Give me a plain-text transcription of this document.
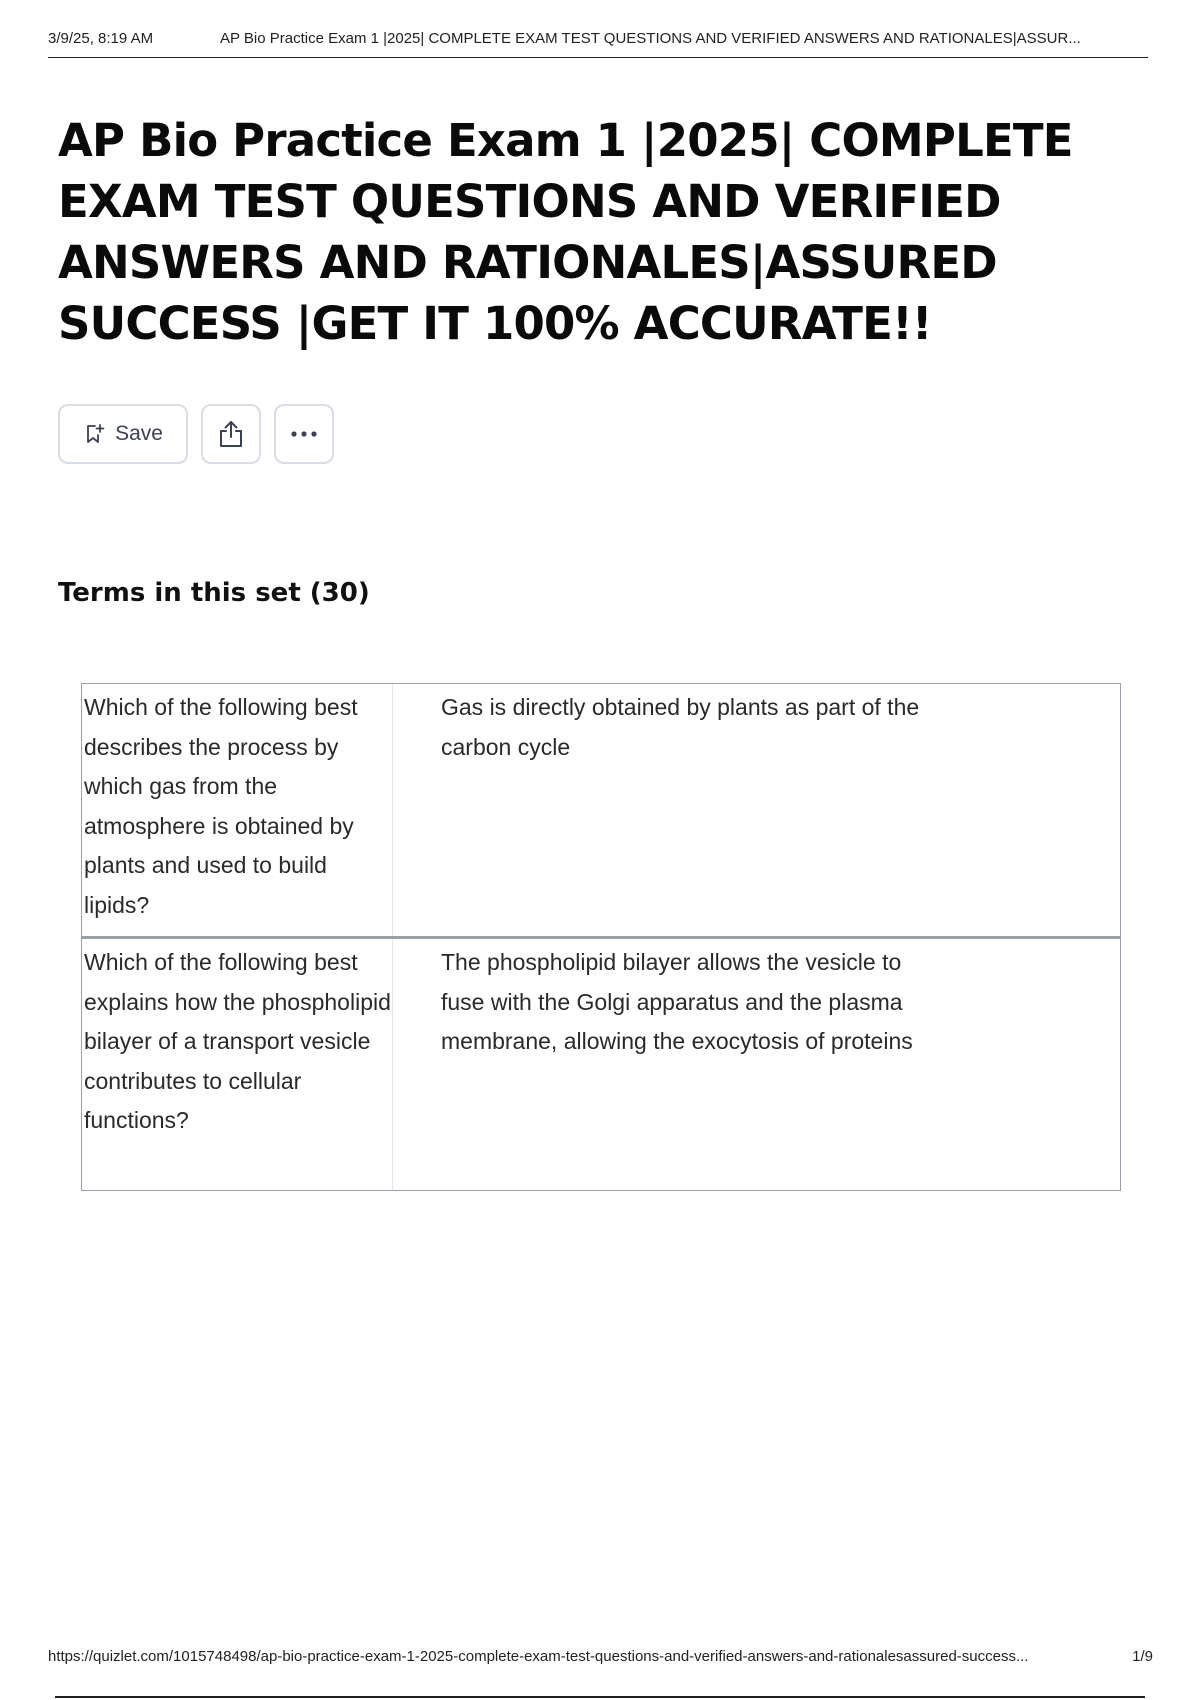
3/9/25, 8:19 AM	AP Bio Practice Exam 1 |2025| COMPLETE EXAM TEST QUESTIONS AND VERIFIED ANSWERS AND RATIONALES|ASSUR...
AP Bio Practice Exam 1 |2025| COMPLETE EXAM TEST QUESTIONS AND VERIFIED ANSWERS AND RATIONALES|ASSURED SUCCESS |GET IT 100% ACCURATE!!
Save
Terms in this set (30)
Which of the following best describes the process by which gas from the atmosphere is obtained by plants and used to build lipids?
Gas is directly obtained by plants as part of the carbon cycle
Which of the following best explains how the phospholipid bilayer of a transport vesicle contributes to cellular functions?
The phospholipid bilayer allows the vesicle to fuse with the Golgi apparatus and the plasma membrane, allowing the exocytosis of proteins
https://quizlet.com/1015748498/ap-bio-practice-exam-1-2025-complete-exam-test-questions-and-verified-answers-and-rationalesassured-success...	1/9
